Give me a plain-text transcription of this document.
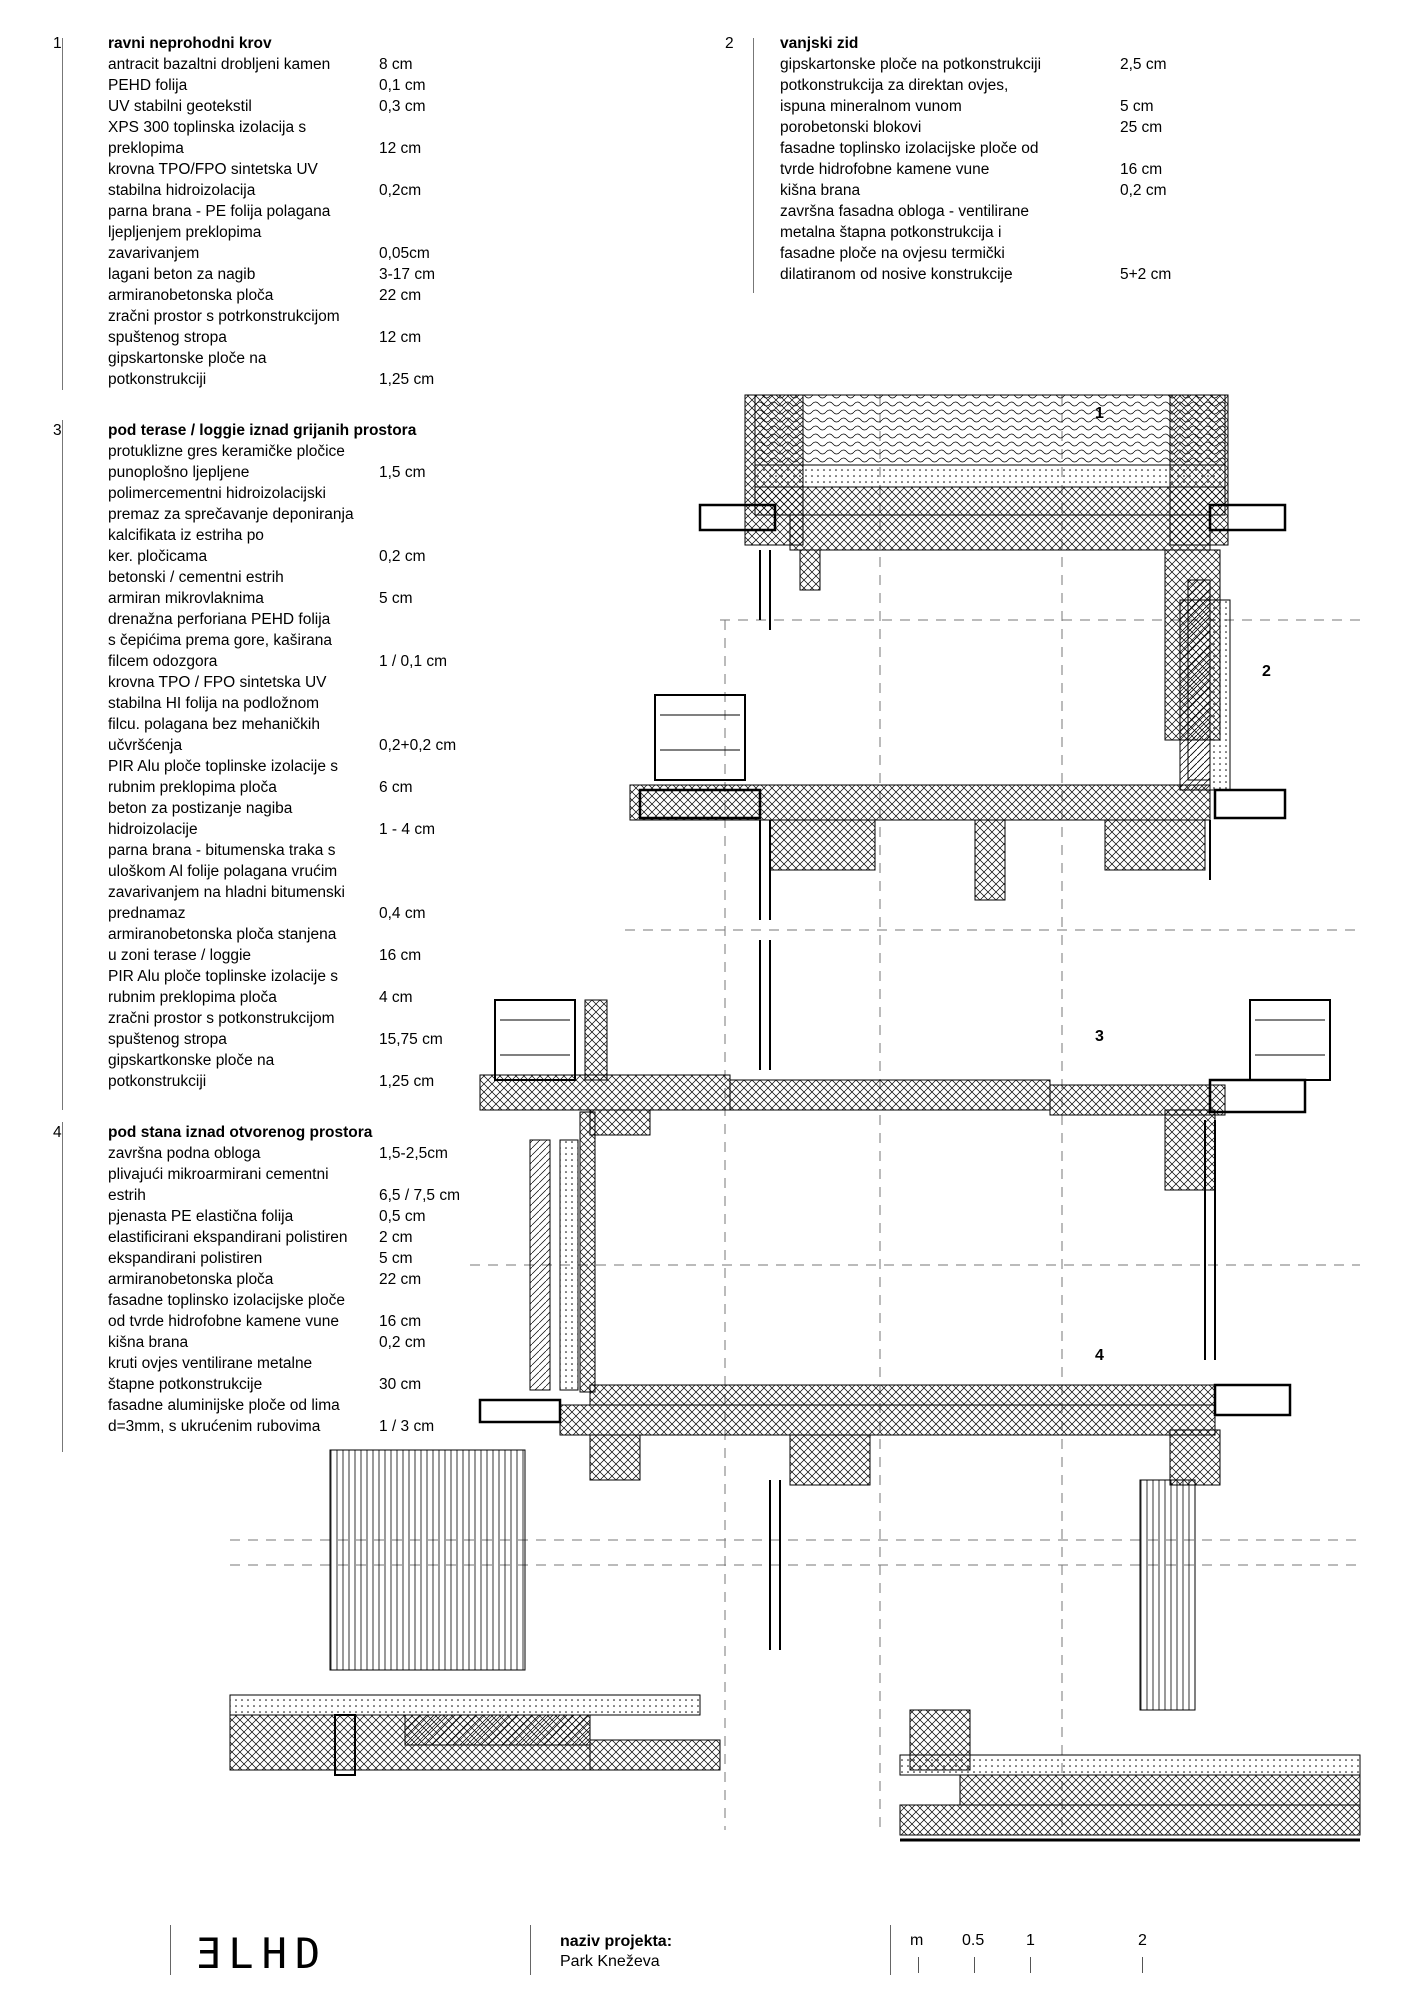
1	ravni neprohodni krov
antracit bazaltni drobljeni kamen	8 cm
PEHD folija	0,1 cm
UV stabilni geotekstil	0,3 cm
XPS 300 toplinska izolacija s
preklopima	12 cm
krovna TPO/FPO sintetska UV
stabilna hidroizolacija	0,2cm
parna brana - PE folija polagana
ljepljenjem preklopima
zavarivanjem	0,05cm
lagani beton za nagib	3-17 cm
armiranobetonska ploča	22 cm
zračni prostor s potrkonstrukcijom
spuštenog stropa	12 cm
gipskartonske ploče na
potkonstrukciji	1,25 cm
2	vanjski zid
gipskartonske ploče na potkonstrukciji	2,5 cm
potkonstrukcija za direktan ovjes,
ispuna mineralnom vunom	5 cm
porobetonski blokovi	25 cm
fasadne toplinsko izolacijske ploče od
tvrde hidrofobne kamene vune	16 cm
kišna brana	0,2 cm
završna fasadna obloga - ventilirane
metalna štapna potkonstrukcija i
fasadne ploče na ovjesu termički
dilatiranom od nosive konstrukcije	5+2 cm
3	pod terase / loggie iznad grijanih prostora
protuklizne gres keramičke pločice
punoplošno ljepljene	1,5 cm
polimercementni hidroizolacijski
premaz za sprečavanje deponiranja
kalcifikata iz estriha po
ker. pločicama	0,2 cm
betonski / cementni estrih
armiran mikrovlaknima	5 cm
drenažna perforiana PEHD folija
s čepićima prema gore, kaširana
filcem odozgora	1 / 0,1 cm
krovna TPO / FPO sintetska UV
stabilna HI folija na podložnom
filcu. polagana bez mehaničkih
učvršćenja	0,2+0,2 cm
PIR Alu ploče toplinske izolacije s
rubnim preklopima ploča	6 cm
beton za postizanje nagiba
hidroizolacije	1 - 4 cm
parna brana - bitumenska traka s
uloškom Al folije polagana vrućim
zavarivanjem na hladni bitumenski
prednamaz	0,4 cm
armiranobetonska ploča stanjena
u zoni terase / loggie	16 cm
PIR Alu ploče toplinske izolacije s
rubnim preklopima ploča	4 cm
zračni prostor s potkonstrukcijom
spuštenog stropa	15,75 cm
gipskartkonske ploče na
potkonstrukciji	1,25 cm
4	pod stana iznad otvorenog prostora
završna podna obloga	1,5-2,5cm
plivajući mikroarmirani cementni
estrih	6,5 / 7,5 cm
pjenasta PE elastična folija	0,5 cm
elastificirani ekspandirani polistiren 2 cm
ekspandirani polistiren	5 cm
armiranobetonska ploča	22 cm
fasadne toplinsko izolacijske ploče
od tvrde hidrofobne kamene vune	16 cm
kišna brana	0,2 cm
kruti ovjes ventilirane metalne
štapne potkonstrukcije	30 cm
fasadne aluminijske ploče od lima
d=3mm, s ukrućenim rubovima	1 / 3 cm
1
2
3
4
ƎLHD	naziv projekta:
Park Kneževa
m 0.5	1	2
